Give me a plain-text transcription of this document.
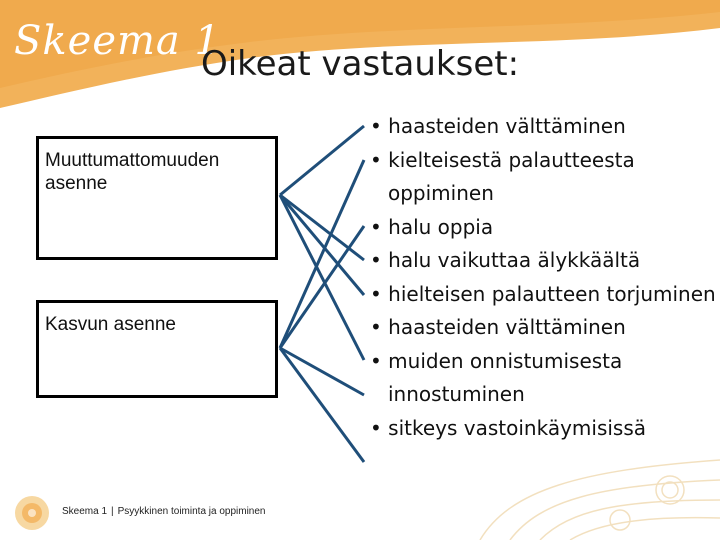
Skeema 1
Oikeat vastaukset:
Muuttumattomuuden asenne
Kasvun asenne
• haasteiden välttäminen
• kielteisestä palautteesta oppiminen
• halu oppia
• halu vaikuttaa älykkäältä
• hielteisen palautteen torjuminen
• haasteiden välttäminen
• muiden onnistumisesta innostuminen
• sitkeys vastoinkäymisissä
Skeema 1 | Psyykkinen toiminta ja oppiminen
